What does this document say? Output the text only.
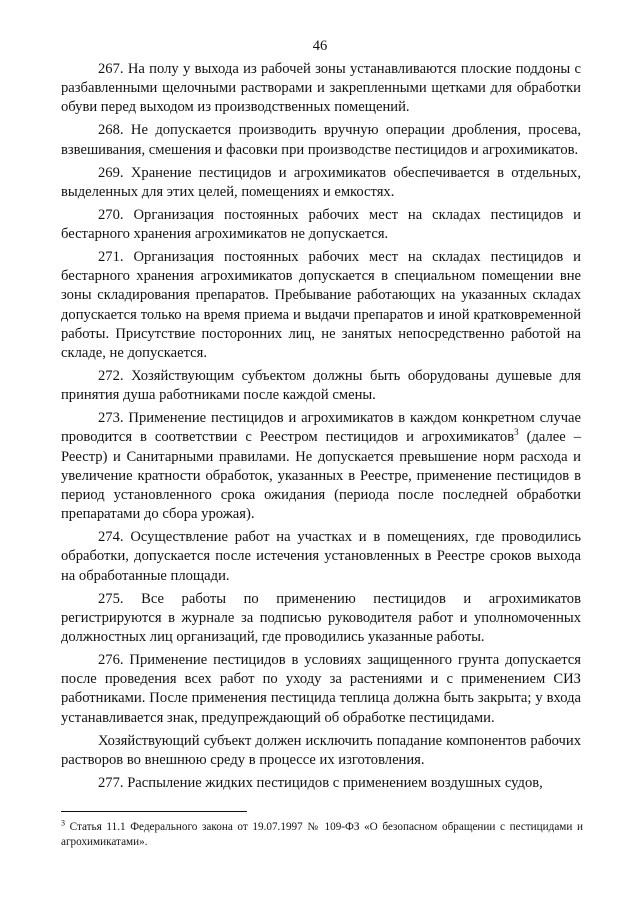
46

267. На полу у выхода из рабочей зоны устанавливаются плоские поддоны с разбавленными щелочными растворами и закрепленными щетками для обработки обуви перед выходом из производственных помещений.

268. Не допускается производить вручную операции дробления, просева, взвешивания, смешения и фасовки при производстве пестицидов и агрохимикатов.

269. Хранение пестицидов и агрохимикатов обеспечивается в отдельных, выделенных для этих целей, помещениях и емкостях.

270. Организация постоянных рабочих мест на складах пестицидов и бестарного хранения агрохимикатов не допускается.

271. Организация постоянных рабочих мест на складах пестицидов и бестарного хранения агрохимикатов допускается в специальном помещении вне зоны складирования препаратов. Пребывание работающих на указанных складах допускается только на время приема и выдачи препаратов и иной кратковременной работы. Присутствие посторонних лиц, не занятых непосредственно работой на складе, не допускается.

272. Хозяйствующим субъектом должны быть оборудованы душевые для принятия душа работниками после каждой смены.

273. Применение пестицидов и агрохимикатов в каждом конкретном случае проводится в соответствии с Реестром пестицидов и агрохимикатов$^3$ (далее – Реестр) и Санитарными правилами. Не допускается превышение норм расхода и увеличение кратности обработок, указанных в Реестре, применение пестицидов в период установленного срока ожидания (периода после последней обработки препаратами до сбора урожая).

274. Осуществление работ на участках и в помещениях, где проводились обработки, допускается после истечения установленных в Реестре сроков выхода на обработанные площади.

275. Все работы по применению пестицидов и агрохимикатов регистрируются в журнале за подписью руководителя работ и уполномоченных должностных лиц организаций, где проводились указанные работы.

276. Применение пестицидов в условиях защищенного грунта допускается после проведения всех работ по уходу за растениями и с применением СИЗ работниками. После применения пестицида теплица должна быть закрыта; у входа устанавливается знак, предупреждающий об обработке пестицидами.

Хозяйствующий субъект должен исключить попадание компонентов рабочих растворов во внешнюю среду в процессе их изготовления.

277. Распыление жидких пестицидов с применением воздушных судов,

$^3$ Статья 11.1 Федерального закона от 19.07.1997 № 109-ФЗ «О безопасном обращении с пестицидами и агрохимикатами».
